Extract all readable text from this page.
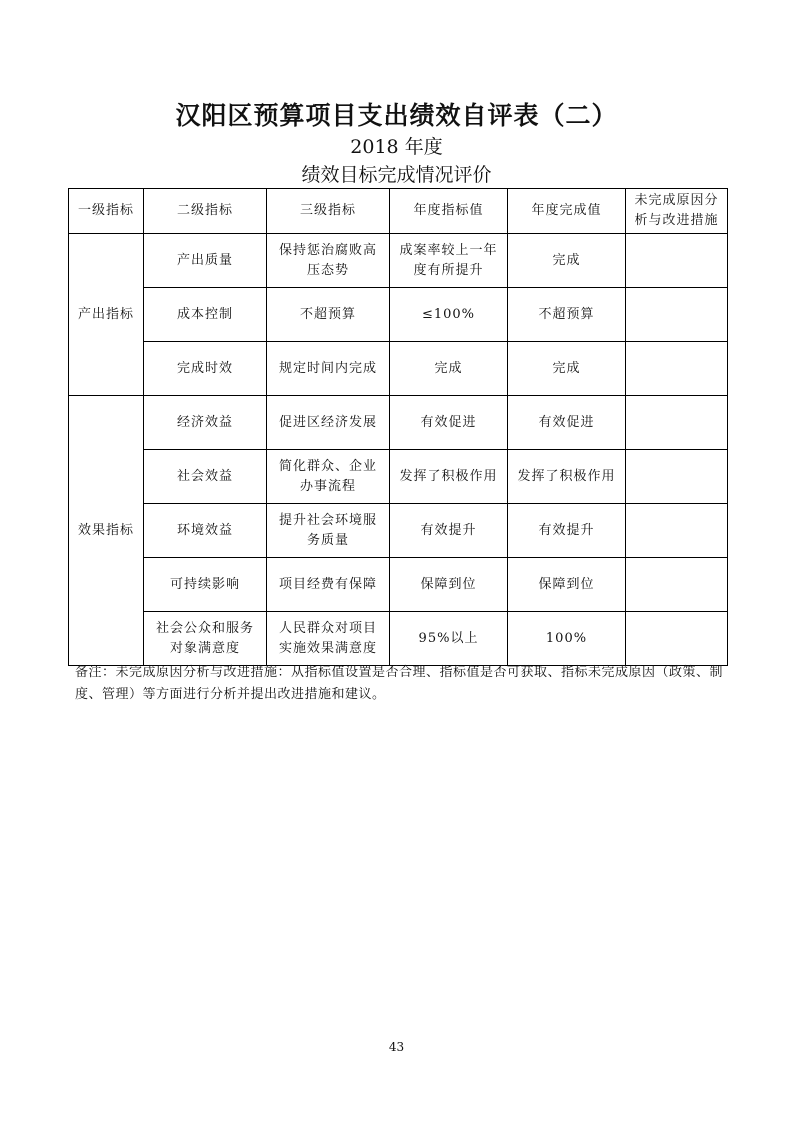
汉阳区预算项目支出绩效自评表（二）
2018 年度
绩效目标完成情况评价
一级指标	二级指标	三级指标	年度指标值	年度完成值	未完成原因分析与改进措施
产出指标	产出质量	保持惩治腐败高压态势	成案率较上一年度有所提升	完成	
	成本控制	不超预算	≤100%	不超预算	
	完成时效	规定时间内完成	完成	完成	
效果指标	经济效益	促进区经济发展	有效促进	有效促进	
	社会效益	简化群众、企业办事流程	发挥了积极作用	发挥了积极作用	
	环境效益	提升社会环境服务质量	有效提升	有效提升	
	可持续影响	项目经费有保障	保障到位	保障到位	
	社会公众和服务对象满意度	人民群众对项目实施效果满意度	95%以上	100%	
备注：未完成原因分析与改进措施：从指标值设置是否合理、指标值是否可获取、指标未完成原因（政策、制度、管理）等方面进行分析并提出改进措施和建议。
43
